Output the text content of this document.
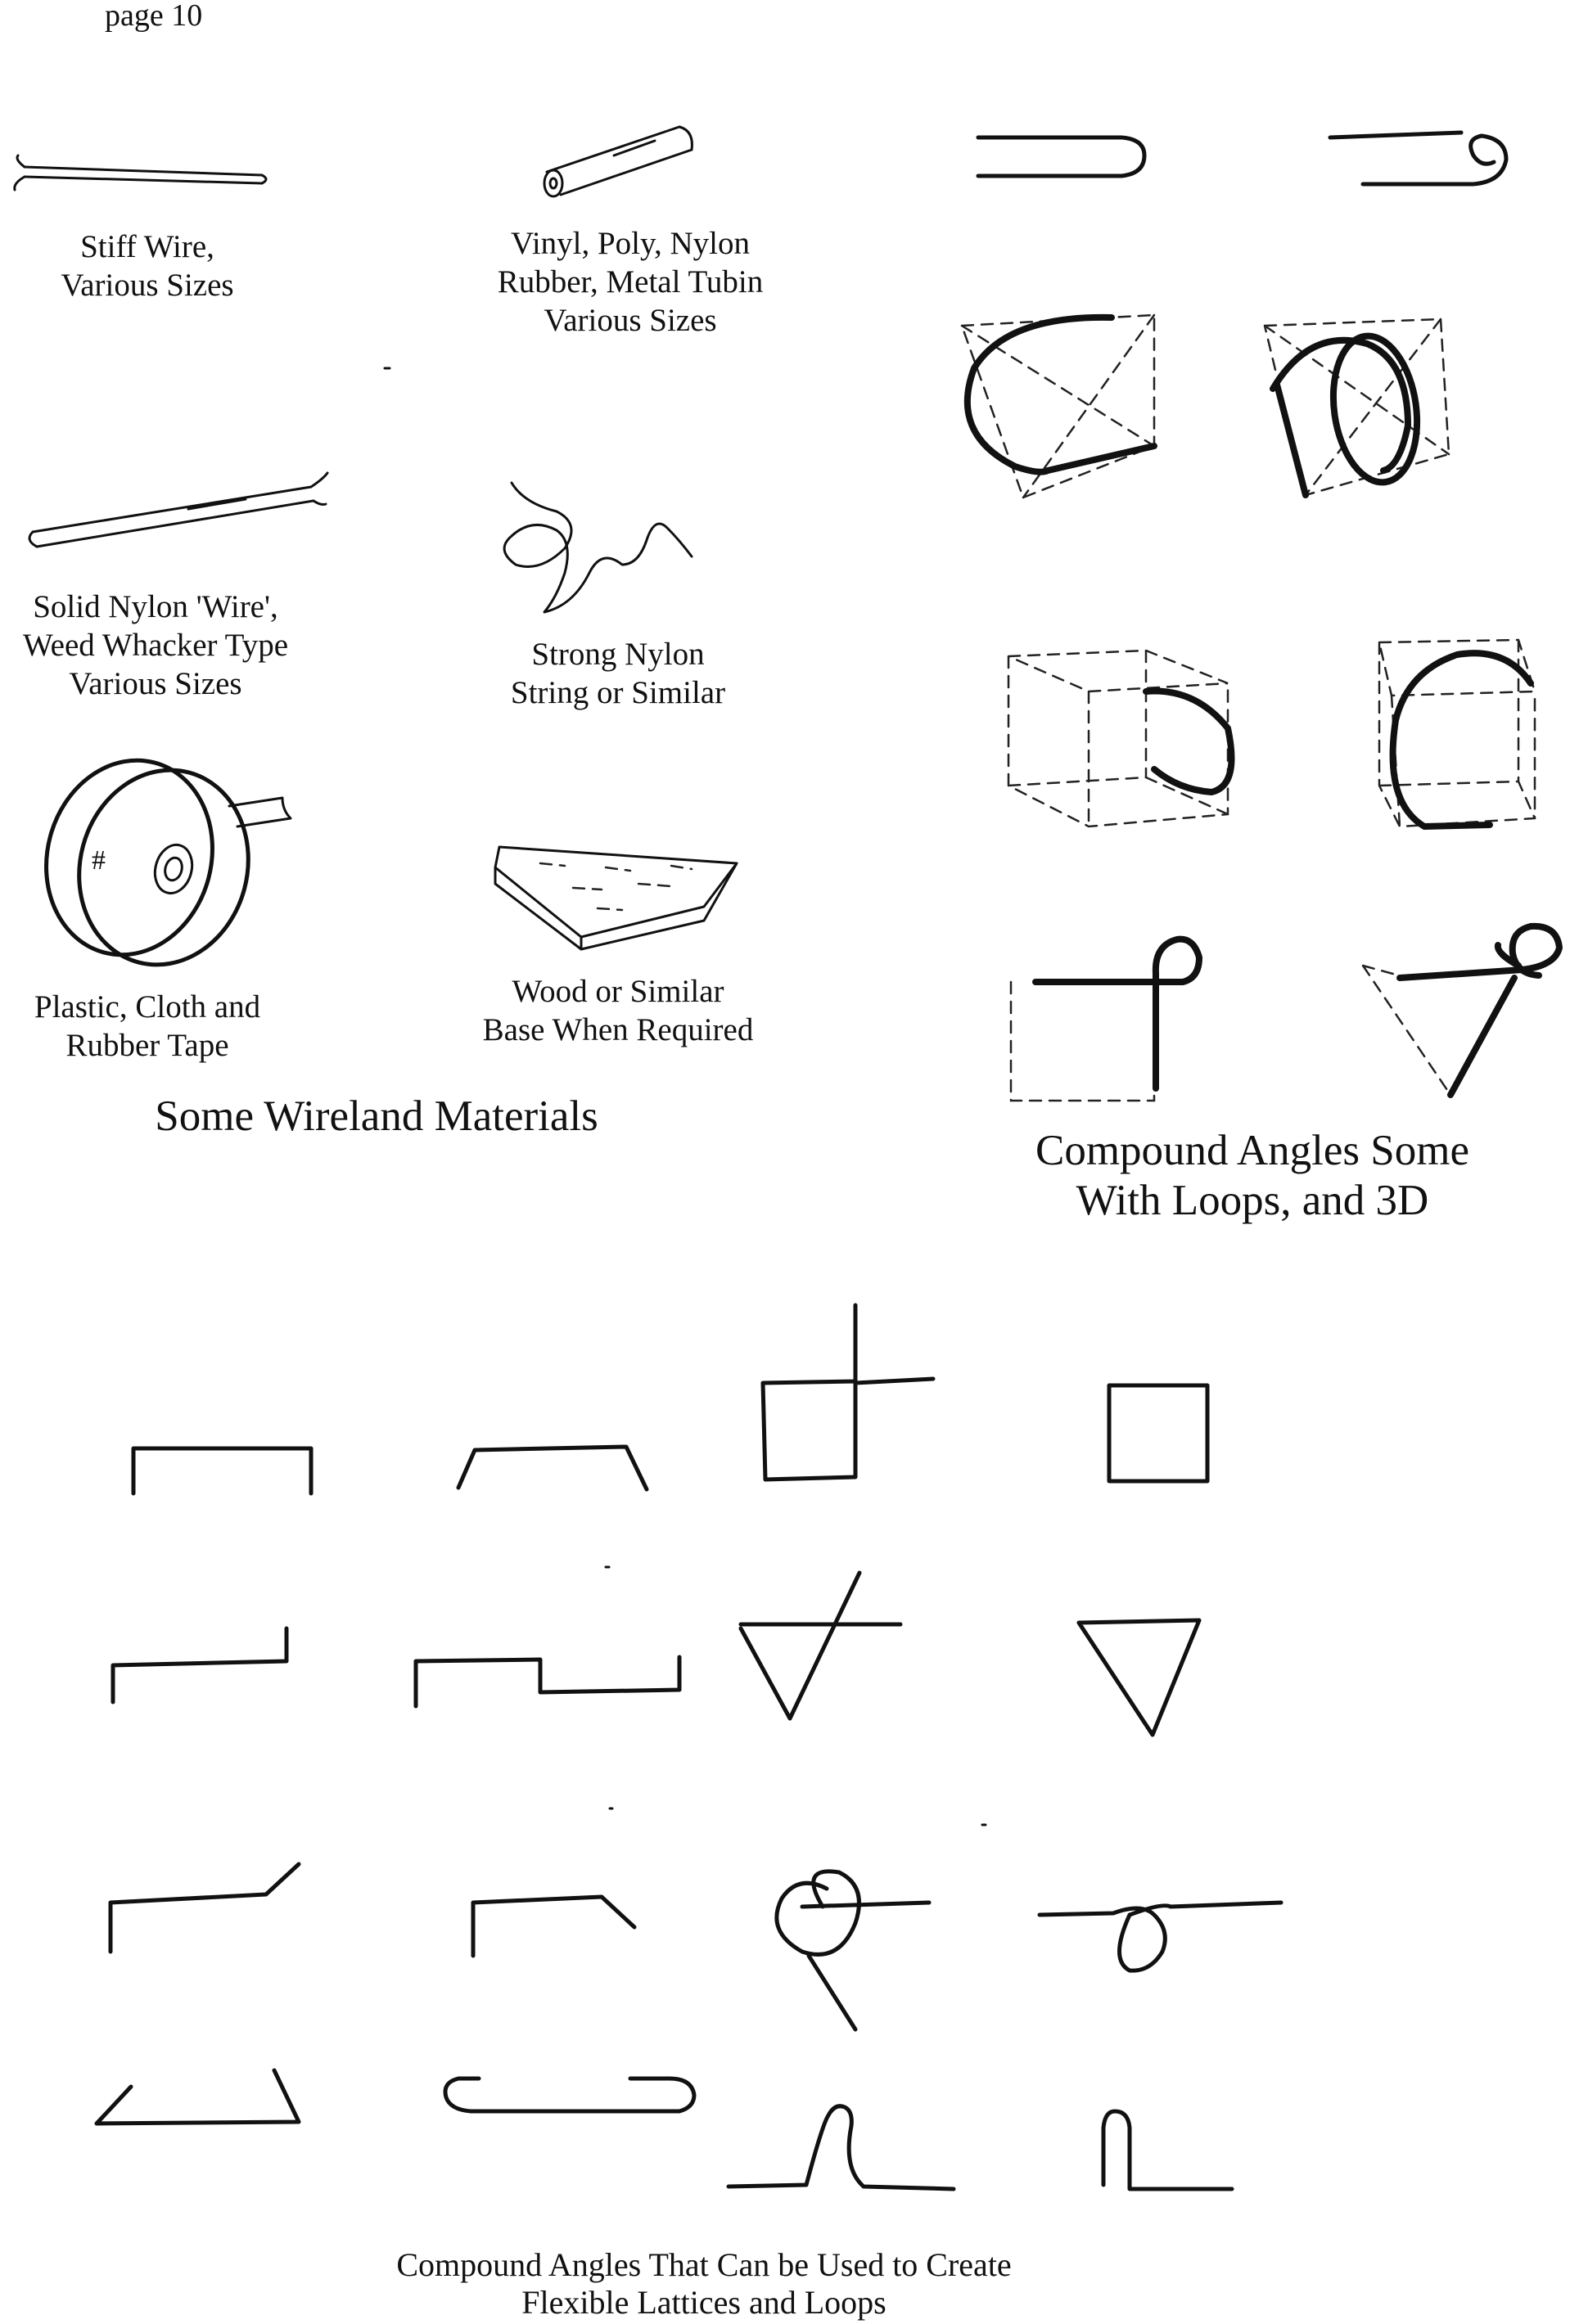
page 10
Stiff Wire,
Various Sizes
Vinyl, Poly, Nylon
Rubber, Metal Tubin
Various Sizes
Solid Nylon 'Wire',
Weed Whacker Type
Various Sizes
Strong Nylon
String or Similar
Plastic, Cloth and
Rubber Tape
Wood or Similar
Base When Required
Some Wireland Materials
Compound Angles Some
With Loops, and 3D
Compound Angles That Can be Used to Create
Flexible Lattices and Loops
#
